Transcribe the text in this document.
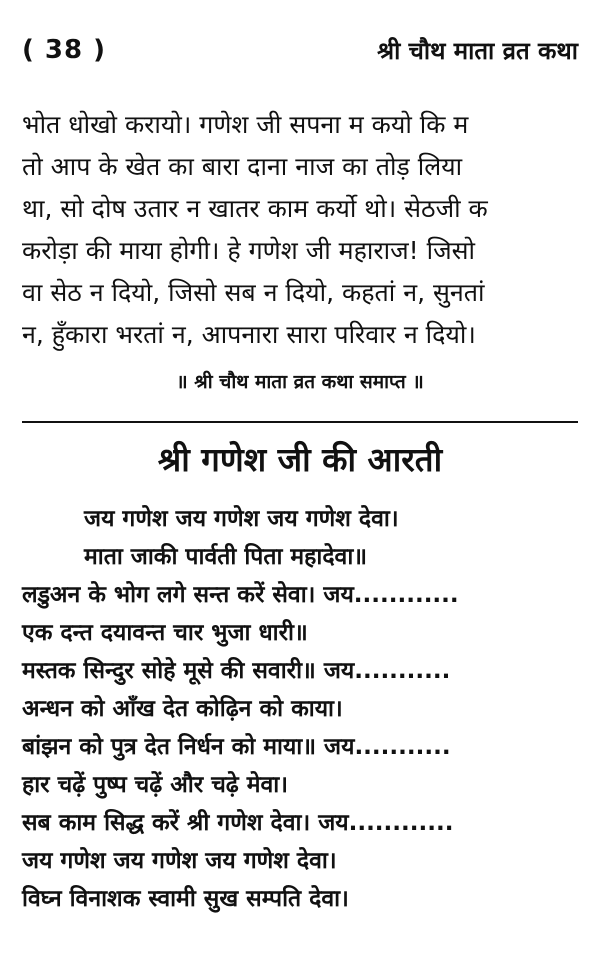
( 38 )	श्री चौथ माता व्रत कथा
भोत धोखो करायो। गणेश जी सपना म कयो कि म
तो आप के खेत का बारा दाना नाज का तोड़ लिया
था, सो दोष उतार न खातर काम कर्यो थो। सेठजी क
करोड़ा की माया होगी। हे गणेश जी महाराज! जिसो
वा सेठ न दियो, जिसो सब न दियो, कहतां न, सुनतां
न, हुँकारा भरतां न, आपनारा सारा परिवार न दियो।
॥ श्री चौथ माता व्रत कथा समाप्त ॥
श्री गणेश जी की आरती
जय गणेश जय गणेश जय गणेश देवा।
माता जाकी पार्वती पिता महादेवा॥
लडुअन के भोग लगे सन्त करें सेवा। जय............
एक दन्त दयावन्त चार भुजा धारी॥
मस्तक सिन्दुर सोहे मूसे की सवारी॥ जय...........
अन्धन को आँख देत कोढ़िन को काया।
बांझन को पुत्र देत निर्धन को माया॥ जय...........
हार चढ़ें पुष्प चढ़ें और चढ़े मेवा।
सब काम सिद्ध करें श्री गणेश देवा। जय............
जय गणेश जय गणेश जय गणेश देवा।
विघ्न विनाशक स्वामी सुख सम्पति देवा।
